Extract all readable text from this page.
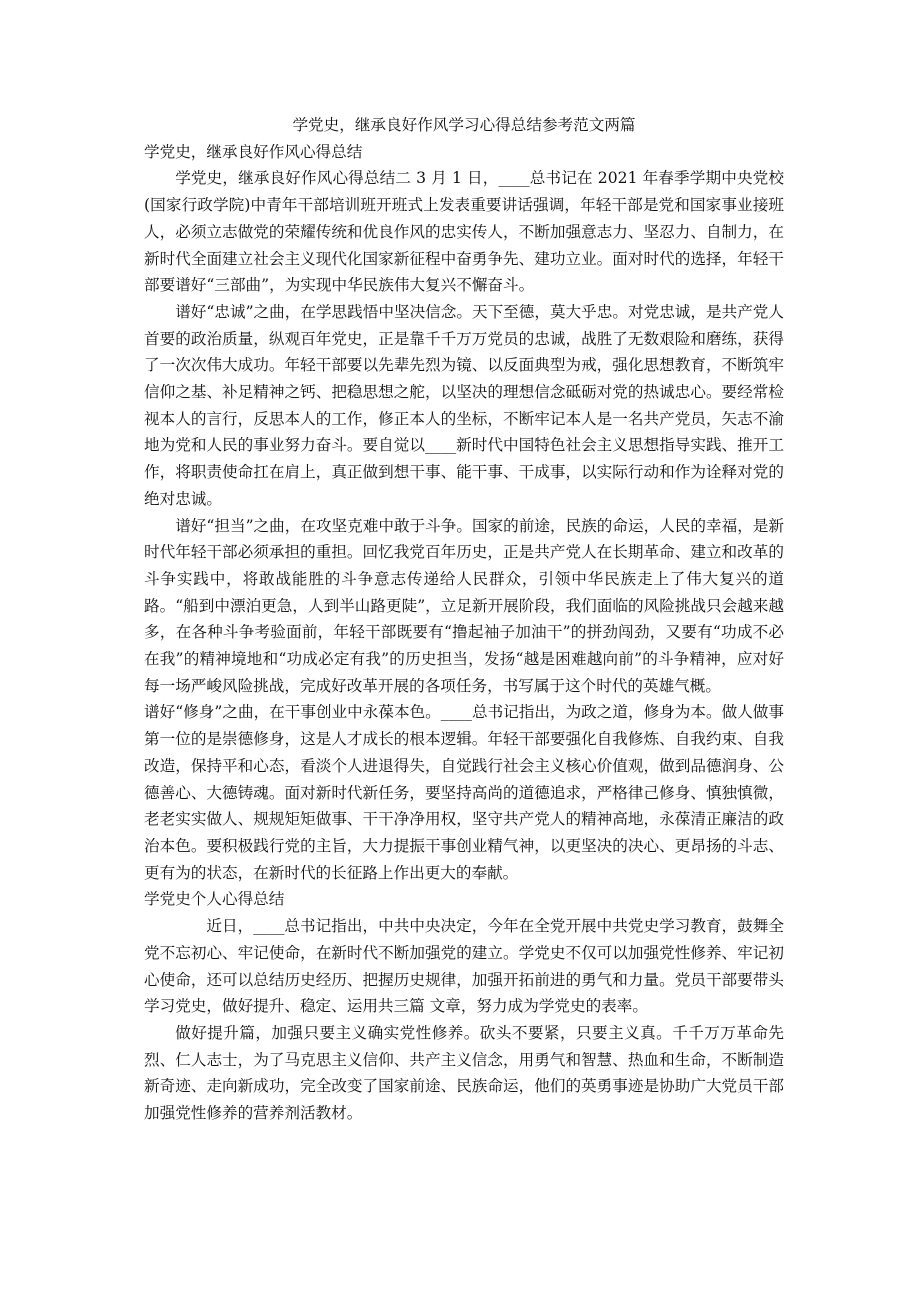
学党史，继承良好作风学习心得总结参考范文两篇

学党史，继承良好作风心得总结

学党史，继承良好作风心得总结二 3 月 1 日，____总书记在 2021 年春季学期中央党校(国家行政学院)中青年干部培训班开班式上发表重要讲话强调，年轻干部是党和国家事业接班人，必须立志做党的荣耀传统和优良作风的忠实传人，不断加强意志力、坚忍力、自制力，在新时代全面建立社会主义现代化国家新征程中奋勇争先、建功立业。面对时代的选择，年轻干部要谱好“三部曲”，为实现中华民族伟大复兴不懈奋斗。

谱好“忠诚”之曲，在学思践悟中坚决信念。天下至德，莫大乎忠。对党忠诚，是共产党人首要的政治质量，纵观百年党史，正是靠千千万万党员的忠诚，战胜了无数艰险和磨练，获得了一次次伟大成功。年轻干部要以先辈先烈为镜、以反面典型为戒，强化思想教育，不断筑牢信仰之基、补足精神之钙、把稳思想之舵，以坚决的理想信念砥砺对党的热诚忠心。要经常检视本人的言行，反思本人的工作，修正本人的坐标，不断牢记本人是一名共产党员，矢志不渝地为党和人民的事业努力奋斗。要自觉以____新时代中国特色社会主义思想指导实践、推开工作，将职责使命扛在肩上，真正做到想干事、能干事、干成事，以实际行动和作为诠释对党的绝对忠诚。

谱好“担当”之曲，在攻坚克难中敢于斗争。国家的前途，民族的命运，人民的幸福，是新时代年轻干部必须承担的重担。回忆我党百年历史，正是共产党人在长期革命、建立和改革的斗争实践中，将敢战能胜的斗争意志传递给人民群众，引领中华民族走上了伟大复兴的道路。“船到中漂泊更急，人到半山路更陡”，立足新开展阶段，我们面临的风险挑战只会越来越多，在各种斗争考验面前，年轻干部既要有“撸起袖子加油干”的拼劲闯劲，又要有“功成不必在我”的精神境地和“功成必定有我”的历史担当，发扬“越是困难越向前”的斗争精神，应对好每一场严峻风险挑战，完成好改革开展的各项任务，书写属于这个时代的英雄气概。

谱好“修身”之曲，在干事创业中永葆本色。____总书记指出，为政之道，修身为本。做人做事第一位的是崇德修身，这是人才成长的根本逻辑。年轻干部要强化自我修炼、自我约束、自我改造，保持平和心态，看淡个人进退得失，自觉践行社会主义核心价值观，做到品德润身、公德善心、大德铸魂。面对新时代新任务，要坚持高尚的道德追求，严格律己修身、慎独慎微，老老实实做人、规规矩矩做事、干干净净用权，坚守共产党人的精神高地，永葆清正廉洁的政治本色。要积极践行党的主旨，大力提振干事创业精气神，以更坚决的决心、更昂扬的斗志、更有为的状态，在新时代的长征路上作出更大的奉献。

学党史个人心得总结

近日，____总书记指出，中共中央决定，今年在全党开展中共党史学习教育，鼓舞全党不忘初心、牢记使命，在新时代不断加强党的建立。学党史不仅可以加强党性修养、牢记初心使命，还可以总结历史经历、把握历史规律，加强开拓前进的勇气和力量。党员干部要带头学习党史，做好提升、稳定、运用共三篇 文章，努力成为学党史的表率。

做好提升篇，加强只要主义确实党性修养。砍头不要紧，只要主义真。千千万万革命先烈、仁人志士，为了马克思主义信仰、共产主义信念，用勇气和智慧、热血和生命，不断制造新奇迹、走向新成功，完全改变了国家前途、民族命运，他们的英勇事迹是协助广大党员干部加强党性修养的营养剂活教材。
